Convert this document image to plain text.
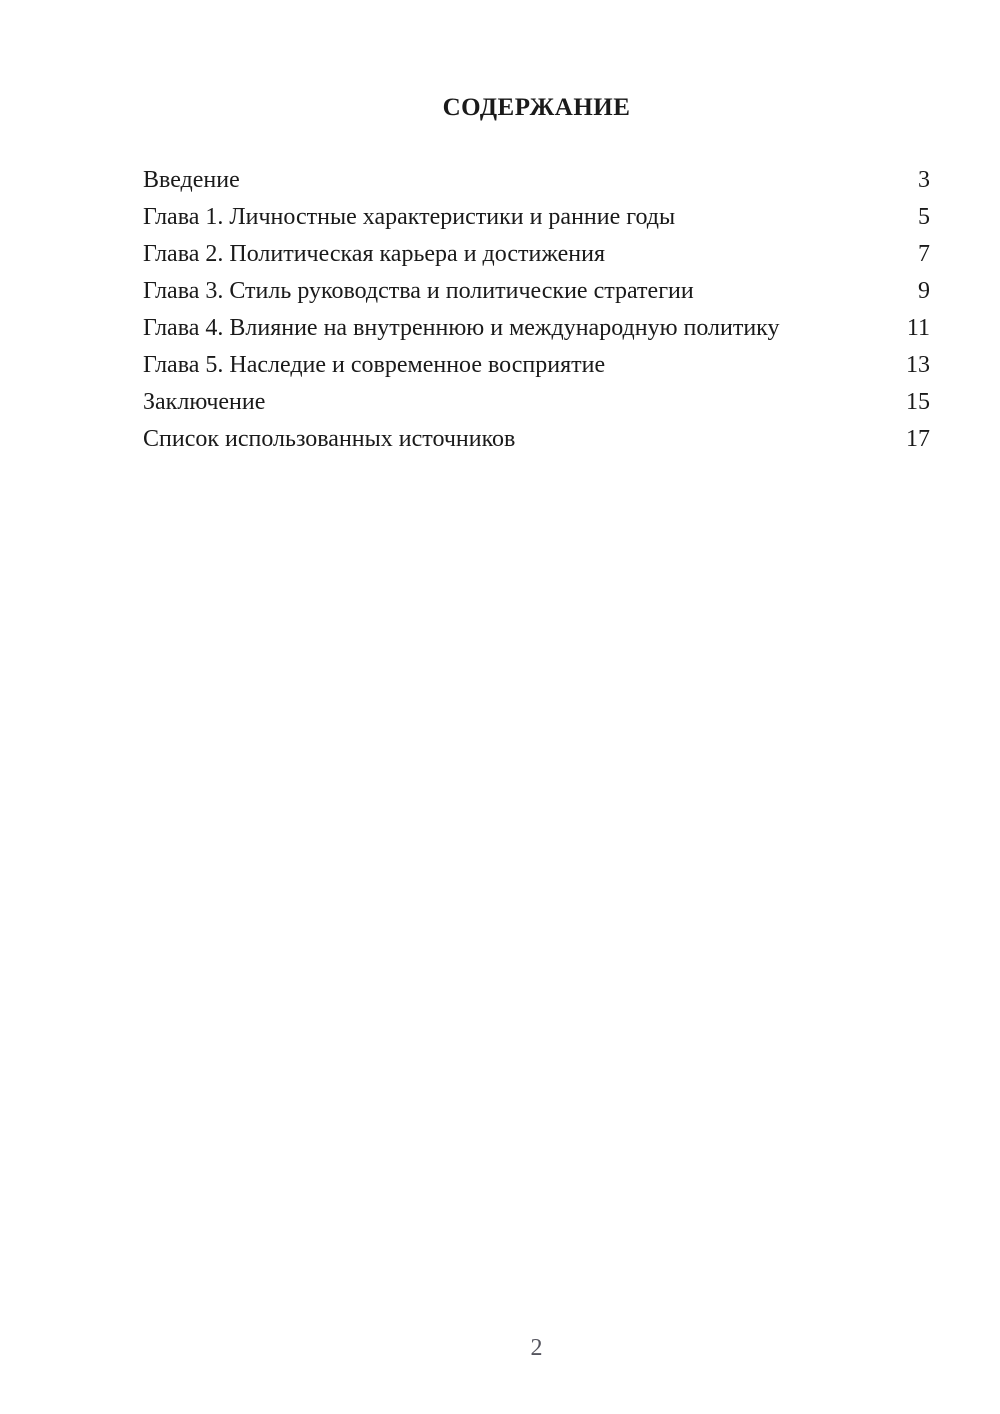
СОДЕРЖАНИЕ
Введение	3
Глава 1. Личностные характеристики и ранние годы	5
Глава 2. Политическая карьера и достижения	7
Глава 3. Стиль руководства и политические стратегии	9
Глава 4. Влияние на внутреннюю и международную политику	11
Глава 5. Наследие и современное восприятие	13
Заключение	15
Список использованных источников	17
2
